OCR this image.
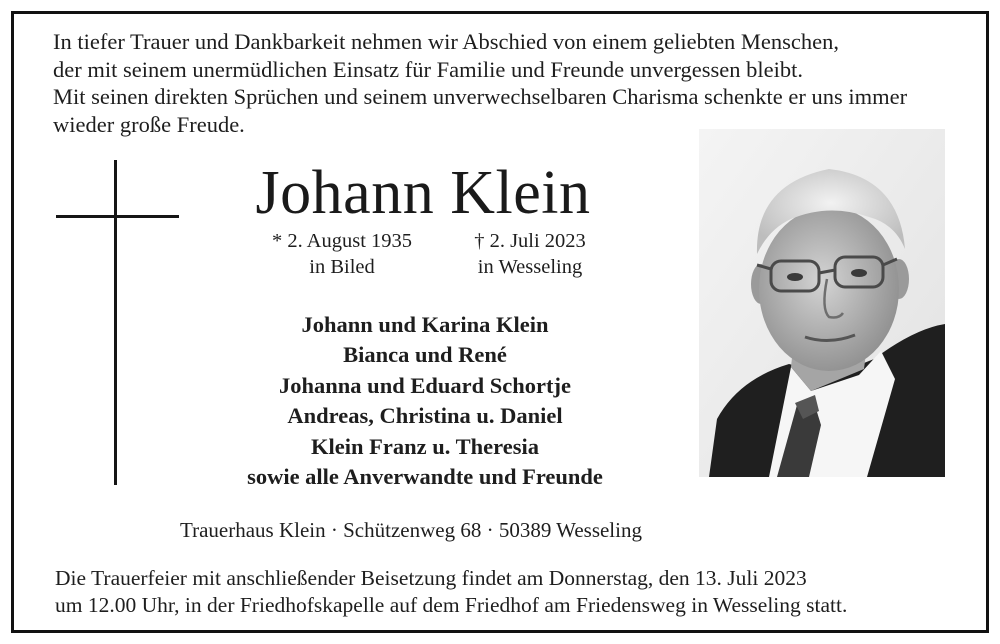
In tiefer Trauer und Dankbarkeit nehmen wir Abschied von einem geliebten Menschen,
der mit seinem unermüdlichen Einsatz für Familie und Freunde unvergessen bleibt.
Mit seinen direkten Sprüchen und seinem unverwechselbaren Charisma schenkte er uns immer
wieder große Freude.
Johann Klein
* 2. August 1935
in Biled
† 2. Juli 2023
in Wesseling
Johann und Karina Klein
Bianca und René
Johanna und Eduard Schortje
Andreas, Christina u. Daniel
Klein Franz u. Theresia
sowie alle Anverwandte und Freunde
Trauerhaus Klein · Schützenweg 68 · 50389 Wesseling
Die Trauerfeier mit anschließender Beisetzung findet am Donnerstag, den 13. Juli 2023
um 12.00 Uhr, in der Friedhofskapelle auf dem Friedhof am Friedensweg in Wesseling statt.
